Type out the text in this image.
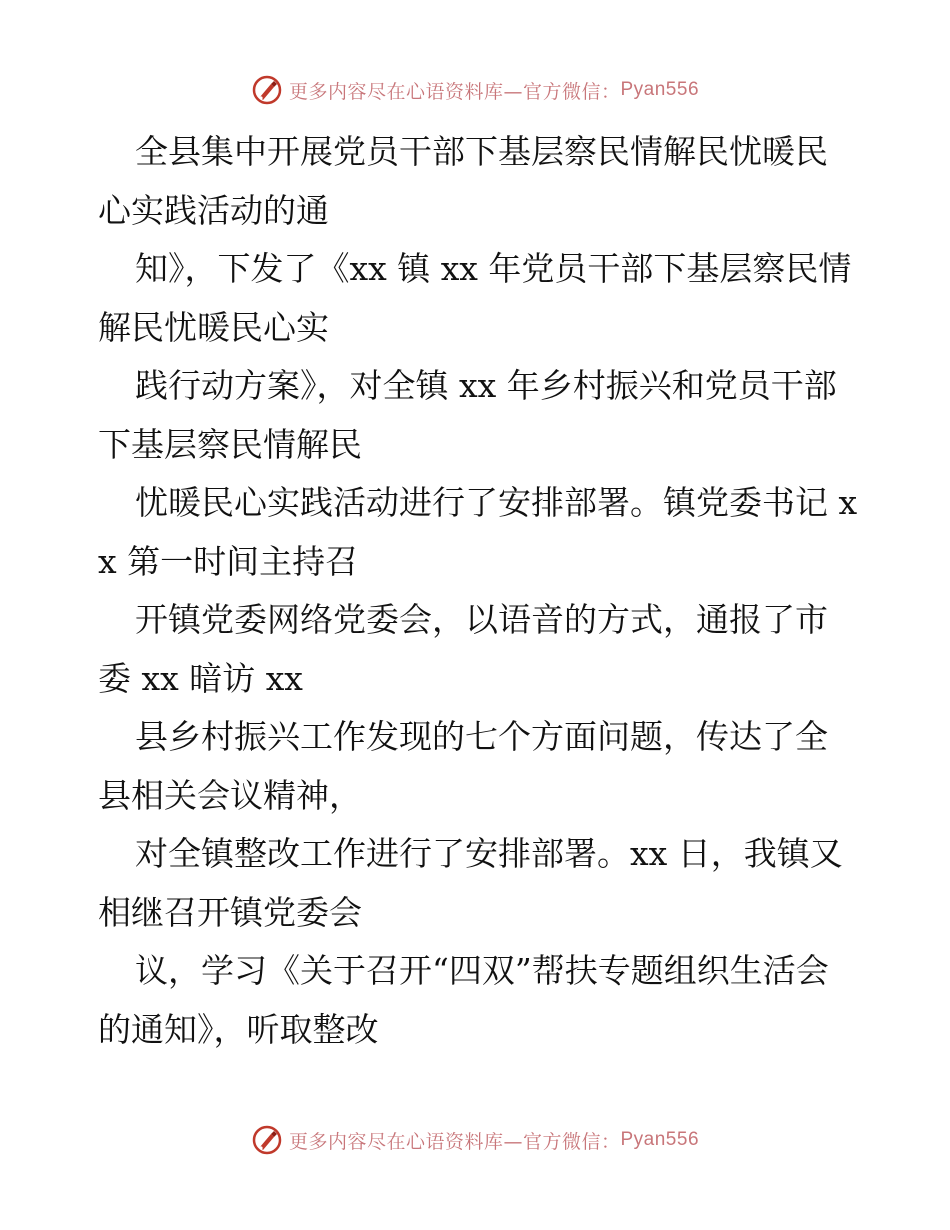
更多内容尽在心语资料库—官方微信： Pyan556

全县集中开展党员干部下基层察民情解民忧暖民心实践活动的通

知》，下发了《xx 镇 xx 年党员干部下基层察民情解民忧暖民心实

践行动方案》，对全镇 xx 年乡村振兴和党员干部下基层察民情解民

忧暖民心实践活动进行了安排部署。镇党委书记 xx 第一时间主持召

开镇党委网络党委会，以语音的方式，通报了市委 xx 暗访 xx

县乡村振兴工作发现的七个方面问题，传达了全县相关会议精神，

对全镇整改工作进行了安排部署。xx 日，我镇又相继召开镇党委会

议，学习《关于召开“四双”帮扶专题组织生活会的通知》，听取整改

更多内容尽在心语资料库—官方微信： Pyan556
